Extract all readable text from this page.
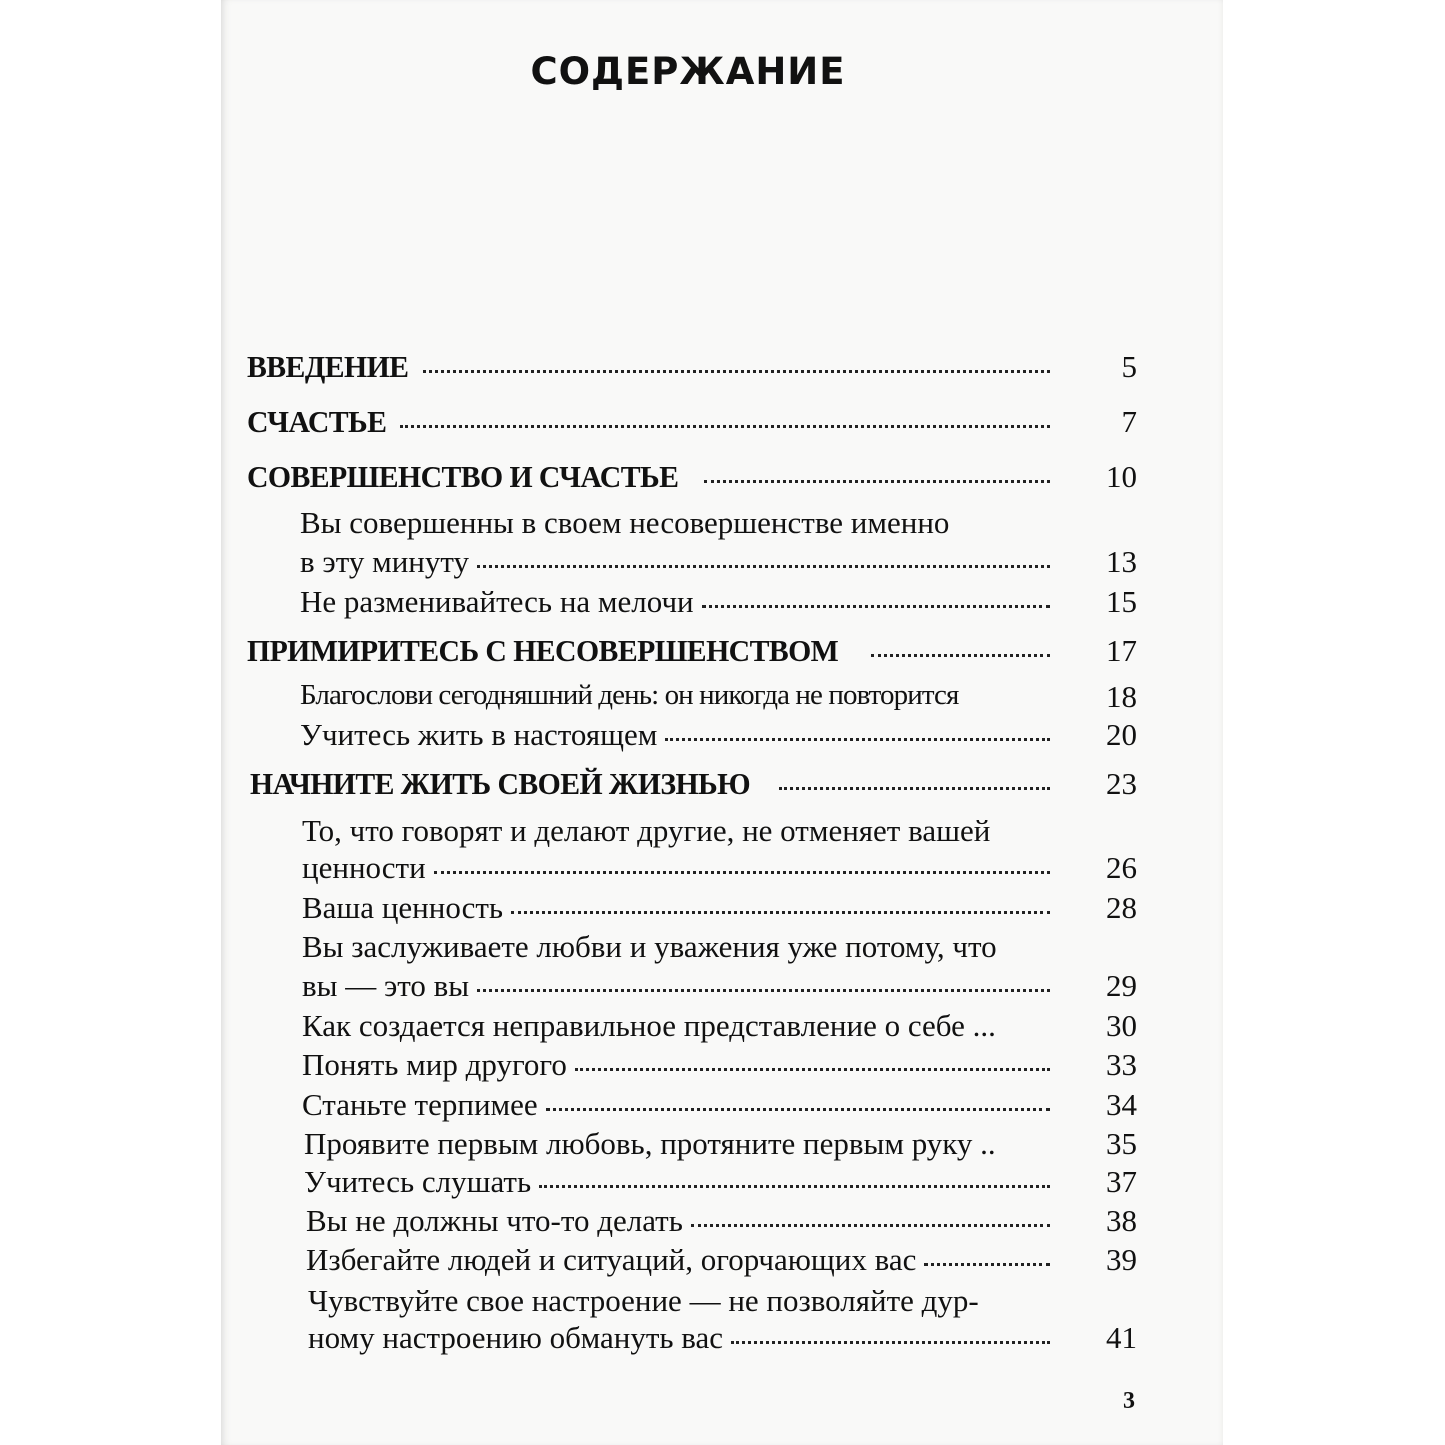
СОДЕРЖАНИЕ
ВВЕДЕНИЕ	5
СЧАСТЬЕ	7
СОВЕРШЕНСТВО И СЧАСТЬЕ	10
Вы совершенны в своем несовершенстве именно
в эту минуту	13
Не размен​ивайтесь на мелочи	15
ПРИМИРИТЕСЬ С НЕСОВЕРШЕНСТВОМ	17
Благослови сегодняшний день: он никогда не повторится	18
Учитесь жить в настоящем	20
НАЧНИТЕ ЖИТЬ СВОЕЙ ЖИЗНЬЮ	23
То, что говорят и делают другие, не отменяет вашей
ценности	26
Ваша ценность	28
Вы заслуживаете любви и уважения уже потому, что
вы — это вы	29
Как создается неправильное представление о себе ...	30
Понять мир другого	33
Станьте терпимее	34
Проявите первым любовь, протяните первым руку ..	35
Учитесь слушать	37
Вы не должны что-то делать	38
Избегайте людей и ситуаций, огорчающих вас	39
Чувствуйте свое настроение — не позволяйте дур-
ному настроению обмануть вас	41
3
